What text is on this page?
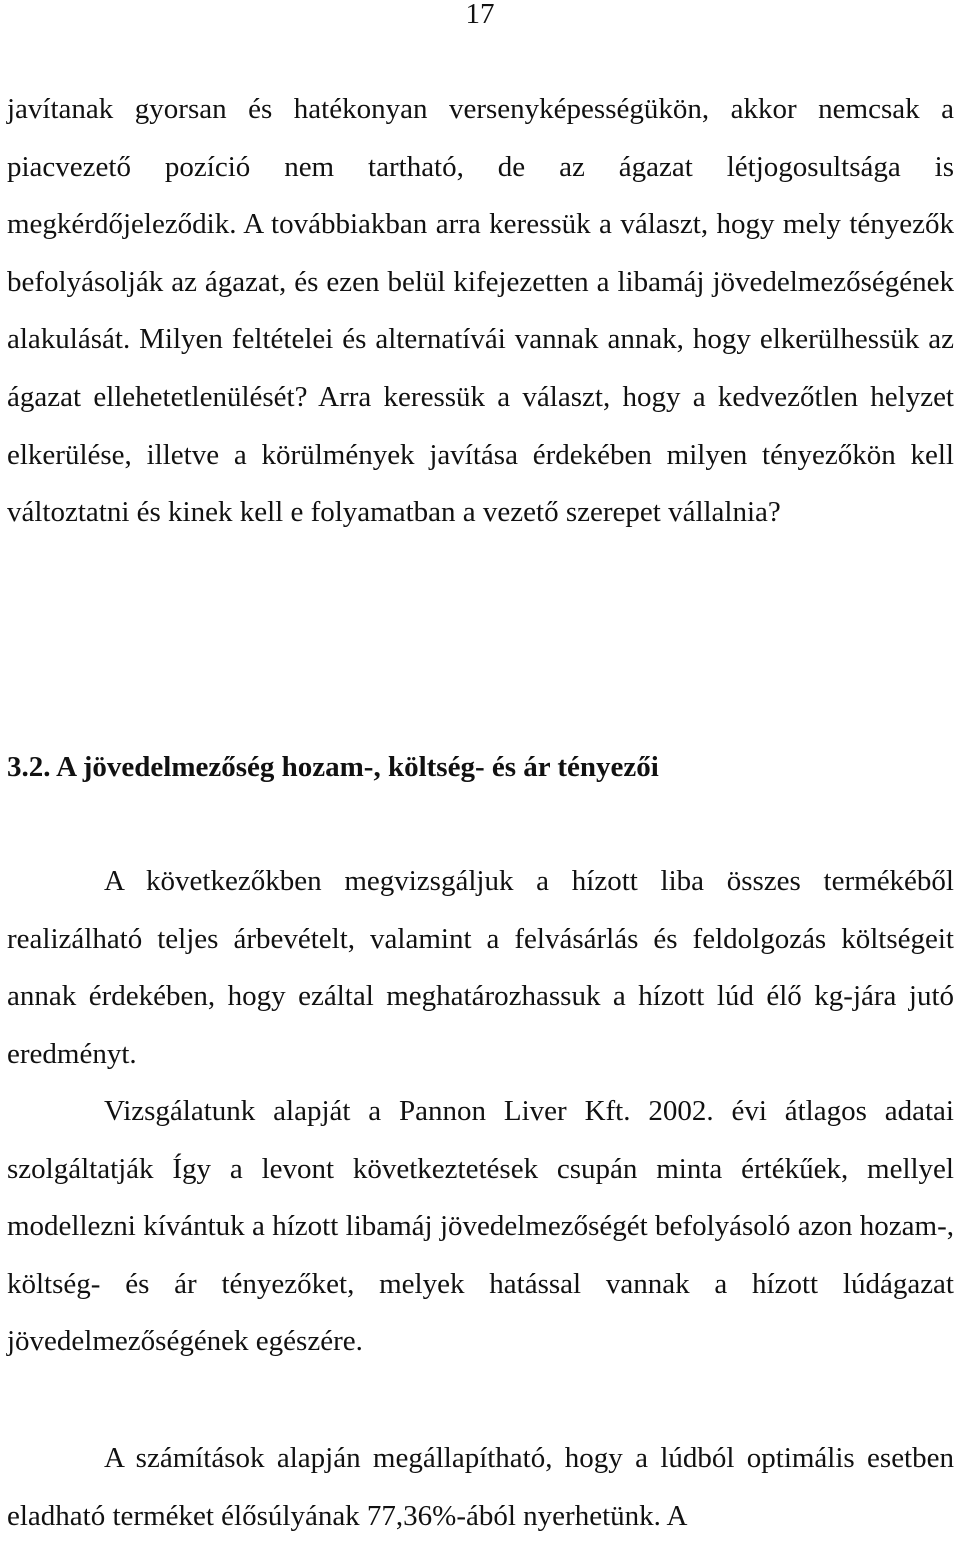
17

javítanak gyorsan és hatékonyan versenyképességükön, akkor nemcsak a piacvezető pozíció nem tartható, de az ágazat létjogosultsága is megkérdőjeleződik. A továbbiakban arra keressük a választ, hogy mely tényezők befolyásolják az ágazat, és ezen belül kifejezetten a libamáj jövedelmezőségének alakulását. Milyen feltételei és alternatívái vannak annak, hogy elkerülhessük az ágazat ellehetetlenülését? Arra keressük a választ, hogy a kedvezőtlen helyzet elkerülése, illetve a körülmények javítása érdekében milyen tényezőkön kell változtatni és kinek kell e folyamatban a vezető szerepet vállalnia?

3.2. A jövedelmezőség hozam-, költség- és ár tényezői

A következőkben megvizsgáljuk a hízott liba összes termékéből realizálható teljes árbevételt, valamint a felvásárlás és feldolgozás költségeit annak érdekében, hogy ezáltal meghatározhassuk a hízott lúd élő kg-jára jutó eredményt.

Vizsgálatunk alapját a Pannon Liver Kft. 2002. évi átlagos adatai szolgáltatják Így a levont következtetések csupán minta értékűek, mellyel modellezni kívántuk a hízott libamáj jövedelmezőségét befolyásoló azon hozam-, költség- és ár tényezőket, melyek hatással vannak a hízott lúdágazat jövedelmezőségének egészére.

A számítások alapján megállapítható, hogy a lúdból optimális esetben eladható terméket élősúlyának 77,36%-ából nyerhetünk. A
